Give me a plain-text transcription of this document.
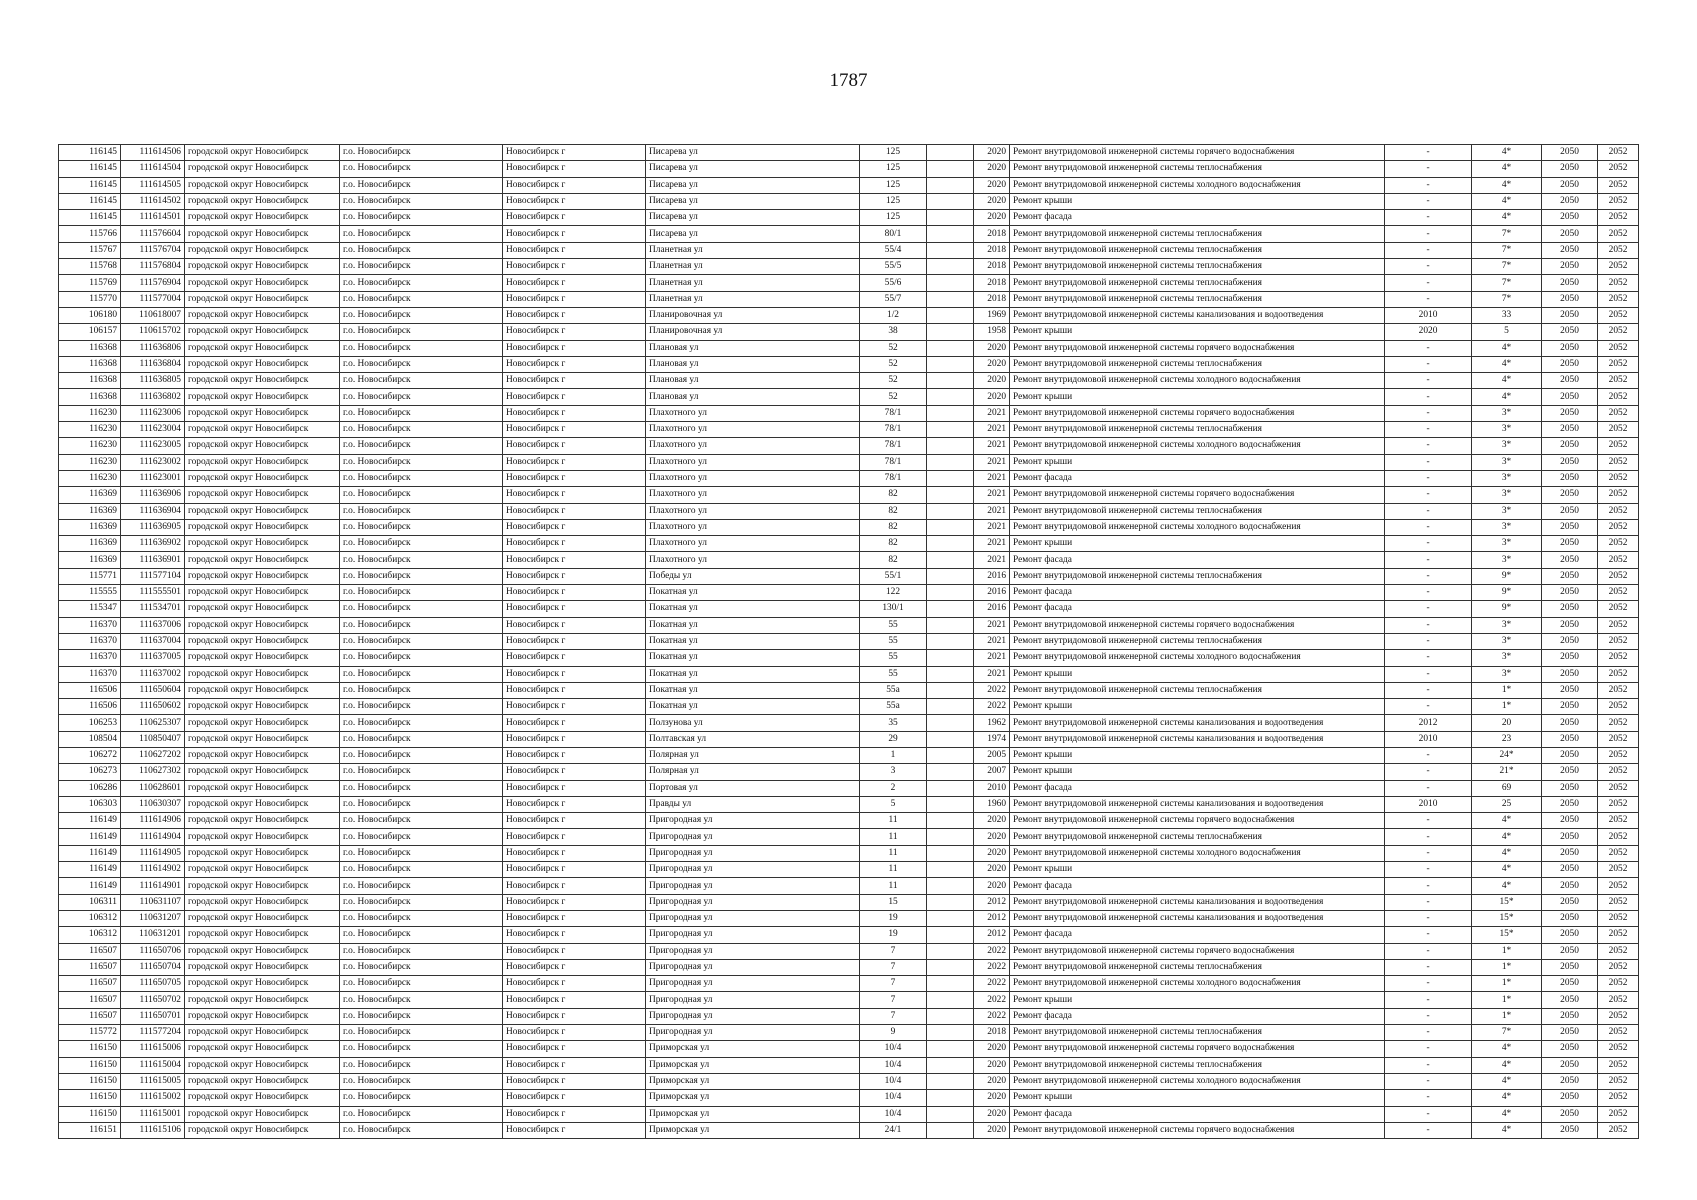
1787
116145	111614506	городской округ Новосибирск	г.о. Новосибирск	Новосибирск г	Писарева ул	125		2020	Ремонт внутридомовой инженерной системы горячего водоснабжения	-	4*	2050	2052
116145	111614504	городской округ Новосибирск	г.о. Новосибирск	Новосибирск г	Писарева ул	125		2020	Ремонт внутридомовой инженерной системы теплоснабжения	-	4*	2050	2052
116145	111614505	городской округ Новосибирск	г.о. Новосибирск	Новосибирск г	Писарева ул	125		2020	Ремонт внутридомовой инженерной системы холодного водоснабжения	-	4*	2050	2052
116145	111614502	городской округ Новосибирск	г.о. Новосибирск	Новосибирск г	Писарева ул	125		2020	Ремонт крыши	-	4*	2050	2052
116145	111614501	городской округ Новосибирск	г.о. Новосибирск	Новосибирск г	Писарева ул	125		2020	Ремонт фасада	-	4*	2050	2052
115766	111576604	городской округ Новосибирск	г.о. Новосибирск	Новосибирск г	Писарева ул	80/1		2018	Ремонт внутридомовой инженерной системы теплоснабжения	-	7*	2050	2052
115767	111576704	городской округ Новосибирск	г.о. Новосибирск	Новосибирск г	Планетная ул	55/4		2018	Ремонт внутридомовой инженерной системы теплоснабжения	-	7*	2050	2052
115768	111576804	городской округ Новосибирск	г.о. Новосибирск	Новосибирск г	Планетная ул	55/5		2018	Ремонт внутридомовой инженерной системы теплоснабжения	-	7*	2050	2052
115769	111576904	городской округ Новосибирск	г.о. Новосибирск	Новосибирск г	Планетная ул	55/6		2018	Ремонт внутридомовой инженерной системы теплоснабжения	-	7*	2050	2052
115770	111577004	городской округ Новосибирск	г.о. Новосибирск	Новосибирск г	Планетная ул	55/7		2018	Ремонт внутридомовой инженерной системы теплоснабжения	-	7*	2050	2052
106180	110618007	городской округ Новосибирск	г.о. Новосибирск	Новосибирск г	Планировочная ул	1/2		1969	Ремонт внутридомовой инженерной системы канализования и водоотведения	2010	33	2050	2052
106157	110615702	городской округ Новосибирск	г.о. Новосибирск	Новосибирск г	Планировочная ул	38		1958	Ремонт крыши	2020	5	2050	2052
116368	111636806	городской округ Новосибирск	г.о. Новосибирск	Новосибирск г	Плановая ул	52		2020	Ремонт внутридомовой инженерной системы горячего водоснабжения	-	4*	2050	2052
116368	111636804	городской округ Новосибирск	г.о. Новосибирск	Новосибирск г	Плановая ул	52		2020	Ремонт внутридомовой инженерной системы теплоснабжения	-	4*	2050	2052
116368	111636805	городской округ Новосибирск	г.о. Новосибирск	Новосибирск г	Плановая ул	52		2020	Ремонт внутридомовой инженерной системы холодного водоснабжения	-	4*	2050	2052
116368	111636802	городской округ Новосибирск	г.о. Новосибирск	Новосибирск г	Плановая ул	52		2020	Ремонт крыши	-	4*	2050	2052
116230	111623006	городской округ Новосибирск	г.о. Новосибирск	Новосибирск г	Плахотного ул	78/1		2021	Ремонт внутридомовой инженерной системы горячего водоснабжения	-	3*	2050	2052
116230	111623004	городской округ Новосибирск	г.о. Новосибирск	Новосибирск г	Плахотного ул	78/1		2021	Ремонт внутридомовой инженерной системы теплоснабжения	-	3*	2050	2052
116230	111623005	городской округ Новосибирск	г.о. Новосибирск	Новосибирск г	Плахотного ул	78/1		2021	Ремонт внутридомовой инженерной системы холодного водоснабжения	-	3*	2050	2052
116230	111623002	городской округ Новосибирск	г.о. Новосибирск	Новосибирск г	Плахотного ул	78/1		2021	Ремонт крыши	-	3*	2050	2052
116230	111623001	городской округ Новосибирск	г.о. Новосибирск	Новосибирск г	Плахотного ул	78/1		2021	Ремонт фасада	-	3*	2050	2052
116369	111636906	городской округ Новосибирск	г.о. Новосибирск	Новосибирск г	Плахотного ул	82		2021	Ремонт внутридомовой инженерной системы горячего водоснабжения	-	3*	2050	2052
116369	111636904	городской округ Новосибирск	г.о. Новосибирск	Новосибирск г	Плахотного ул	82		2021	Ремонт внутридомовой инженерной системы теплоснабжения	-	3*	2050	2052
116369	111636905	городской округ Новосибирск	г.о. Новосибирск	Новосибирск г	Плахотного ул	82		2021	Ремонт внутридомовой инженерной системы холодного водоснабжения	-	3*	2050	2052
116369	111636902	городской округ Новосибирск	г.о. Новосибирск	Новосибирск г	Плахотного ул	82		2021	Ремонт крыши	-	3*	2050	2052
116369	111636901	городской округ Новосибирск	г.о. Новосибирск	Новосибирск г	Плахотного ул	82		2021	Ремонт фасада	-	3*	2050	2052
115771	111577104	городской округ Новосибирск	г.о. Новосибирск	Новосибирск г	Победы ул	55/1		2016	Ремонт внутридомовой инженерной системы теплоснабжения	-	9*	2050	2052
115555	111555501	городской округ Новосибирск	г.о. Новосибирск	Новосибирск г	Покатная ул	122		2016	Ремонт фасада	-	9*	2050	2052
115347	111534701	городской округ Новосибирск	г.о. Новосибирск	Новосибирск г	Покатная ул	130/1		2016	Ремонт фасада	-	9*	2050	2052
116370	111637006	городской округ Новосибирск	г.о. Новосибирск	Новосибирск г	Покатная ул	55		2021	Ремонт внутридомовой инженерной системы горячего водоснабжения	-	3*	2050	2052
116370	111637004	городской округ Новосибирск	г.о. Новосибирск	Новосибирск г	Покатная ул	55		2021	Ремонт внутридомовой инженерной системы теплоснабжения	-	3*	2050	2052
116370	111637005	городской округ Новосибирск	г.о. Новосибирск	Новосибирск г	Покатная ул	55		2021	Ремонт внутридомовой инженерной системы холодного водоснабжения	-	3*	2050	2052
116370	111637002	городской округ Новосибирск	г.о. Новосибирск	Новосибирск г	Покатная ул	55		2021	Ремонт крыши	-	3*	2050	2052
116506	111650604	городской округ Новосибирск	г.о. Новосибирск	Новосибирск г	Покатная ул	55а		2022	Ремонт внутридомовой инженерной системы теплоснабжения	-	1*	2050	2052
116506	111650602	городской округ Новосибирск	г.о. Новосибирск	Новосибирск г	Покатная ул	55а		2022	Ремонт крыши	-	1*	2050	2052
106253	110625307	городской округ Новосибирск	г.о. Новосибирск	Новосибирск г	Ползунова ул	35		1962	Ремонт внутридомовой инженерной системы канализования и водоотведения	2012	20	2050	2052
108504	110850407	городской округ Новосибирск	г.о. Новосибирск	Новосибирск г	Полтавская ул	29		1974	Ремонт внутридомовой инженерной системы канализования и водоотведения	2010	23	2050	2052
106272	110627202	городской округ Новосибирск	г.о. Новосибирск	Новосибирск г	Полярная ул	1		2005	Ремонт крыши	-	24*	2050	2052
106273	110627302	городской округ Новосибирск	г.о. Новосибирск	Новосибирск г	Полярная ул	3		2007	Ремонт крыши	-	21*	2050	2052
106286	110628601	городской округ Новосибирск	г.о. Новосибирск	Новосибирск г	Портовая ул	2		2010	Ремонт фасада	-	69	2050	2052
106303	110630307	городской округ Новосибирск	г.о. Новосибирск	Новосибирск г	Правды ул	5		1960	Ремонт внутридомовой инженерной системы канализования и водоотведения	2010	25	2050	2052
116149	111614906	городской округ Новосибирск	г.о. Новосибирск	Новосибирск г	Пригородная ул	11		2020	Ремонт внутридомовой инженерной системы горячего водоснабжения	-	4*	2050	2052
116149	111614904	городской округ Новосибирск	г.о. Новосибирск	Новосибирск г	Пригородная ул	11		2020	Ремонт внутридомовой инженерной системы теплоснабжения	-	4*	2050	2052
116149	111614905	городской округ Новосибирск	г.о. Новосибирск	Новосибирск г	Пригородная ул	11		2020	Ремонт внутридомовой инженерной системы холодного водоснабжения	-	4*	2050	2052
116149	111614902	городской округ Новосибирск	г.о. Новосибирск	Новосибирск г	Пригородная ул	11		2020	Ремонт крыши	-	4*	2050	2052
116149	111614901	городской округ Новосибирск	г.о. Новосибирск	Новосибирск г	Пригородная ул	11		2020	Ремонт фасада	-	4*	2050	2052
106311	110631107	городской округ Новосибирск	г.о. Новосибирск	Новосибирск г	Пригородная ул	15		2012	Ремонт внутридомовой инженерной системы канализования и водоотведения	-	15*	2050	2052
106312	110631207	городской округ Новосибирск	г.о. Новосибирск	Новосибирск г	Пригородная ул	19		2012	Ремонт внутридомовой инженерной системы канализования и водоотведения	-	15*	2050	2052
106312	110631201	городской округ Новосибирск	г.о. Новосибирск	Новосибирск г	Пригородная ул	19		2012	Ремонт фасада	-	15*	2050	2052
116507	111650706	городской округ Новосибирск	г.о. Новосибирск	Новосибирск г	Пригородная ул	7		2022	Ремонт внутридомовой инженерной системы горячего водоснабжения	-	1*	2050	2052
116507	111650704	городской округ Новосибирск	г.о. Новосибирск	Новосибирск г	Пригородная ул	7		2022	Ремонт внутридомовой инженерной системы теплоснабжения	-	1*	2050	2052
116507	111650705	городской округ Новосибирск	г.о. Новосибирск	Новосибирск г	Пригородная ул	7		2022	Ремонт внутридомовой инженерной системы холодного водоснабжения	-	1*	2050	2052
116507	111650702	городской округ Новосибирск	г.о. Новосибирск	Новосибирск г	Пригородная ул	7		2022	Ремонт крыши	-	1*	2050	2052
116507	111650701	городской округ Новосибирск	г.о. Новосибирск	Новосибирск г	Пригородная ул	7		2022	Ремонт фасада	-	1*	2050	2052
115772	111577204	городской округ Новосибирск	г.о. Новосибирск	Новосибирск г	Пригородная ул	9		2018	Ремонт внутридомовой инженерной системы теплоснабжения	-	7*	2050	2052
116150	111615006	городской округ Новосибирск	г.о. Новосибирск	Новосибирск г	Приморская ул	10/4		2020	Ремонт внутридомовой инженерной системы горячего водоснабжения	-	4*	2050	2052
116150	111615004	городской округ Новосибирск	г.о. Новосибирск	Новосибирск г	Приморская ул	10/4		2020	Ремонт внутридомовой инженерной системы теплоснабжения	-	4*	2050	2052
116150	111615005	городской округ Новосибирск	г.о. Новосибирск	Новосибирск г	Приморская ул	10/4		2020	Ремонт внутридомовой инженерной системы холодного водоснабжения	-	4*	2050	2052
116150	111615002	городской округ Новосибирск	г.о. Новосибирск	Новосибирск г	Приморская ул	10/4		2020	Ремонт крыши	-	4*	2050	2052
116150	111615001	городской округ Новосибирск	г.о. Новосибирск	Новосибирск г	Приморская ул	10/4		2020	Ремонт фасада	-	4*	2050	2052
116151	111615106	городской округ Новосибирск	г.о. Новосибирск	Новосибирск г	Приморская ул	24/1		2020	Ремонт внутридомовой инженерной системы горячего водоснабжения	-	4*	2050	2052
